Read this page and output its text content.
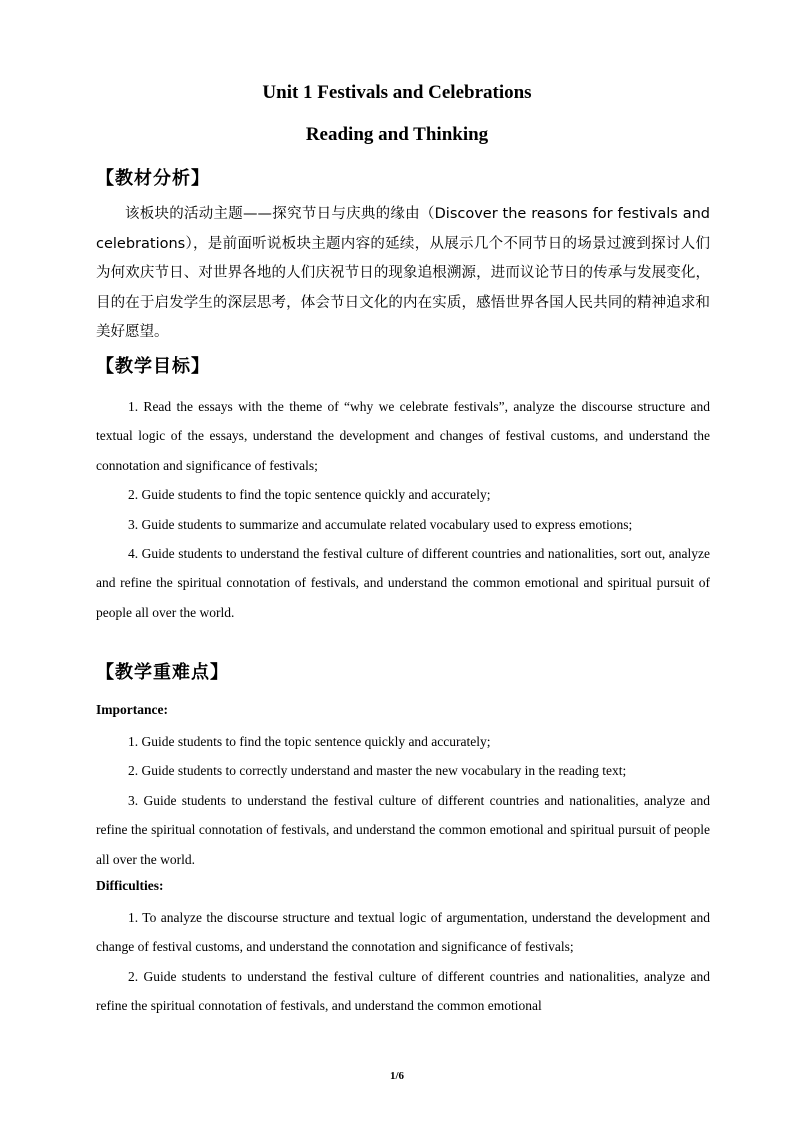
Unit 1 Festivals and Celebrations
Reading and Thinking
【教材分析】

该板块的活动主题——探究节日与庆典的缘由（Discover the reasons for festivals and celebrations），是前面听说板块主题内容的延续，从展示几个不同节日的场景过渡到探讨人们为何欢庆节日、对世界各地的人们庆祝节日的现象追根溯源，进而议论节日的传承与发展变化，目的在于启发学生的深层思考，体会节日文化的内在实质，感悟世界各国人民共同的精神追求和美好愿望。

【教学目标】

1. Read the essays with the theme of “why we celebrate festivals”, analyze the discourse structure and textual logic of the essays, understand the development and changes of festival customs, and understand the connotation and significance of festivals;

2. Guide students to find the topic sentence quickly and accurately;

3. Guide students to summarize and accumulate related vocabulary used to express emotions;

4. Guide students to understand the festival culture of different countries and nationalities, sort out, analyze and refine the spiritual connotation of festivals, and understand the common emotional and spiritual pursuit of people all over the world.

【教学重难点】
Importance:

1. Guide students to find the topic sentence quickly and accurately;

2. Guide students to correctly understand and master the new vocabulary in the reading text;

3. Guide students to understand the festival culture of different countries and nationalities, analyze and refine the spiritual connotation of festivals, and understand the common emotional and spiritual pursuit of people all over the world.

Difficulties:

1. To analyze the discourse structure and textual logic of argumentation, understand the development and change of festival customs, and understand the connotation and significance of festivals;

2. Guide students to understand the festival culture of different countries and nationalities, analyze and refine the spiritual connotation of festivals, and understand the common emotional

1/6
